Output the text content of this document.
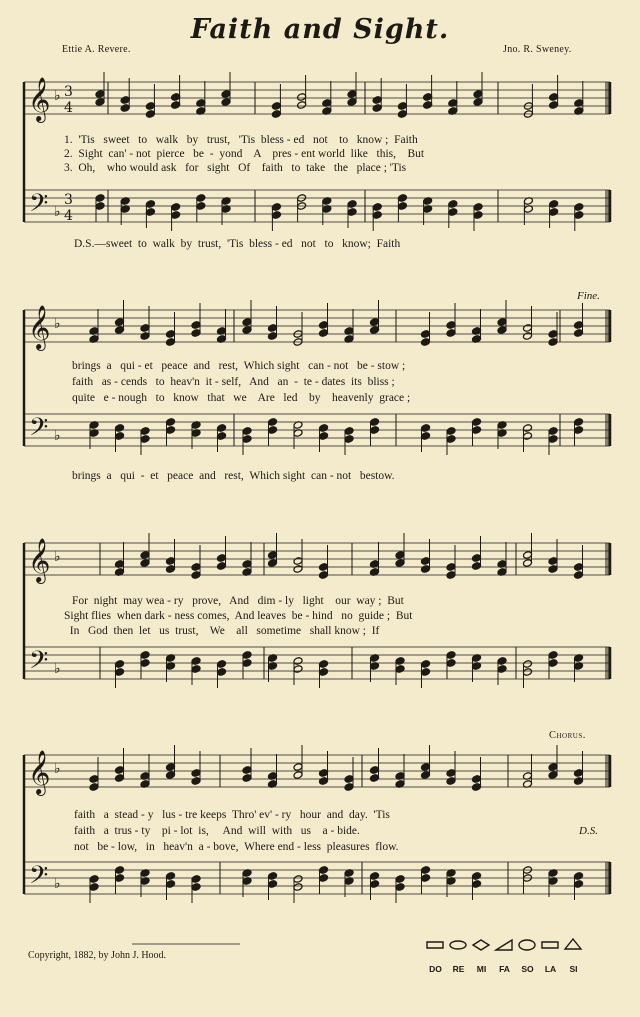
Faith and Sight.
Ettie A. Revere.	Jno. R. Sweney.
𝄞
𝄢
♭
♭
3
4
3
4
𝄞
𝄢
♭
♭
𝄞
𝄢
♭
♭
𝄞
𝄢
♭
♭
1.  'Tis   sweet   to   walk   by   trust,   'Tis  bless - ed   not    to   know ;  Faith
2.  Sight  can' - not  pierce   be  -  yond    A    pres - ent world  like   this,    But
3.  Oh,    who would ask   for   sight   Of    faith   to  take   the   place ; 'Tis
D.S.—sweet  to  walk  by  trust,  'Tis  bless - ed   not   to   know;  Faith
brings  a   qui - et   peace  and   rest,  Which sight   can - not   be - stow ;
faith   as - cends   to  heav'n  it - self,   And   an  -  te - dates  its  bliss ;
quite   e - nough   to   know   that   we    Are   led    by    heavenly  grace ;
brings  a   qui  -  et   peace  and   rest,  Which sight  can - not   bestow.
Fine.
For  night  may wea - ry   prove,   And   dim - ly   light    our  way ;  But
Sight flies  when dark - ness comes,  And leaves  be - hind   no  guide ;  But
In   God  then  let   us  trust,    We    all   sometime   shall know ;  If
Chorus.
faith   a  stead - y   lus - tre keeps  Thro' ev' - ry   hour  and  day.  'Tis
faith   a  trus - ty    pi - lot  is,     And  will  with   us    a - bide.
not   be - low,   in   heav'n  a - bove,  Where end - less  pleasures  flow.
D.S.
Copyright, 1882, by John J. Hood.
DO	RE	MI	FA	SO	LA	SI
